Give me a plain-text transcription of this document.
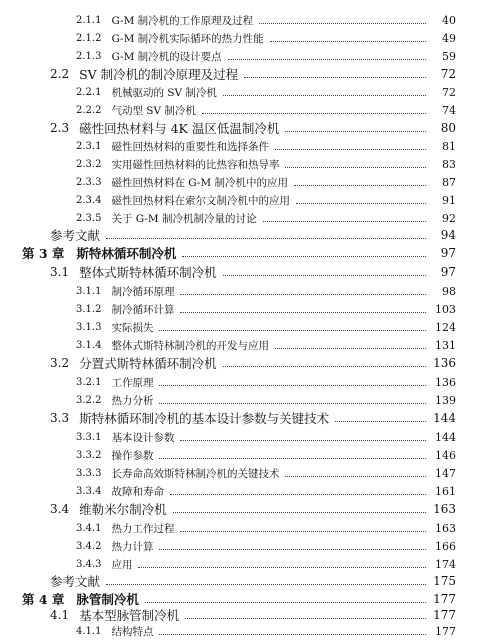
2.1.1 G-M 制冷机的工作原理及过程	40
2.1.2 G-M 制冷机实际循环的热力性能	49
2.1.3 G-M 制冷机的设计要点	59
2.2 SV 制冷机的制冷原理及过程	72
2.2.1 机械驱动的 SV 制冷机	72
2.2.2 气动型 SV 制冷机	74
2.3 磁性回热材料与 4K 温区低温制冷机	80
2.3.1 磁性回热材料的重要性和选择条件	81
2.3.2 实用磁性回热材料的比热容和热导率	83
2.3.3 磁性回热材料在 G-M 制冷机中的应用	87
2.3.4 磁性回热材料在索尔文制冷机中的应用	91
2.3.5 关于 G-M 制冷机制冷量的讨论	92
参考文献	94
第 3 章 斯特林循环制冷机	97
3.1 整体式斯特林循环制冷机	97
3.1.1 制冷循环原理	98
3.1.2 制冷循环计算	103
3.1.3 实际损失	124
3.1.4 整体式斯特林制冷机的开发与应用	131
3.2 分置式斯特林循环制冷机	136
3.2.1 工作原理	136
3.2.2 热力分析	139
3.3 斯特林循环制冷机的基本设计参数与关键技术	144
3.3.1 基本设计参数	144
3.3.2 操作参数	146
3.3.3 长寿命高效斯特林制冷机的关键技术	147
3.3.4 故障和寿命	161
3.4 维勒米尔制冷机	163
3.4.1 热力工作过程	163
3.4.2 热力计算	166
3.4.3 应用	174
参考文献	175
第 4 章 脉管制冷机	177
4.1 基本型脉管制冷机	177
4.1.1 结构特点	177
